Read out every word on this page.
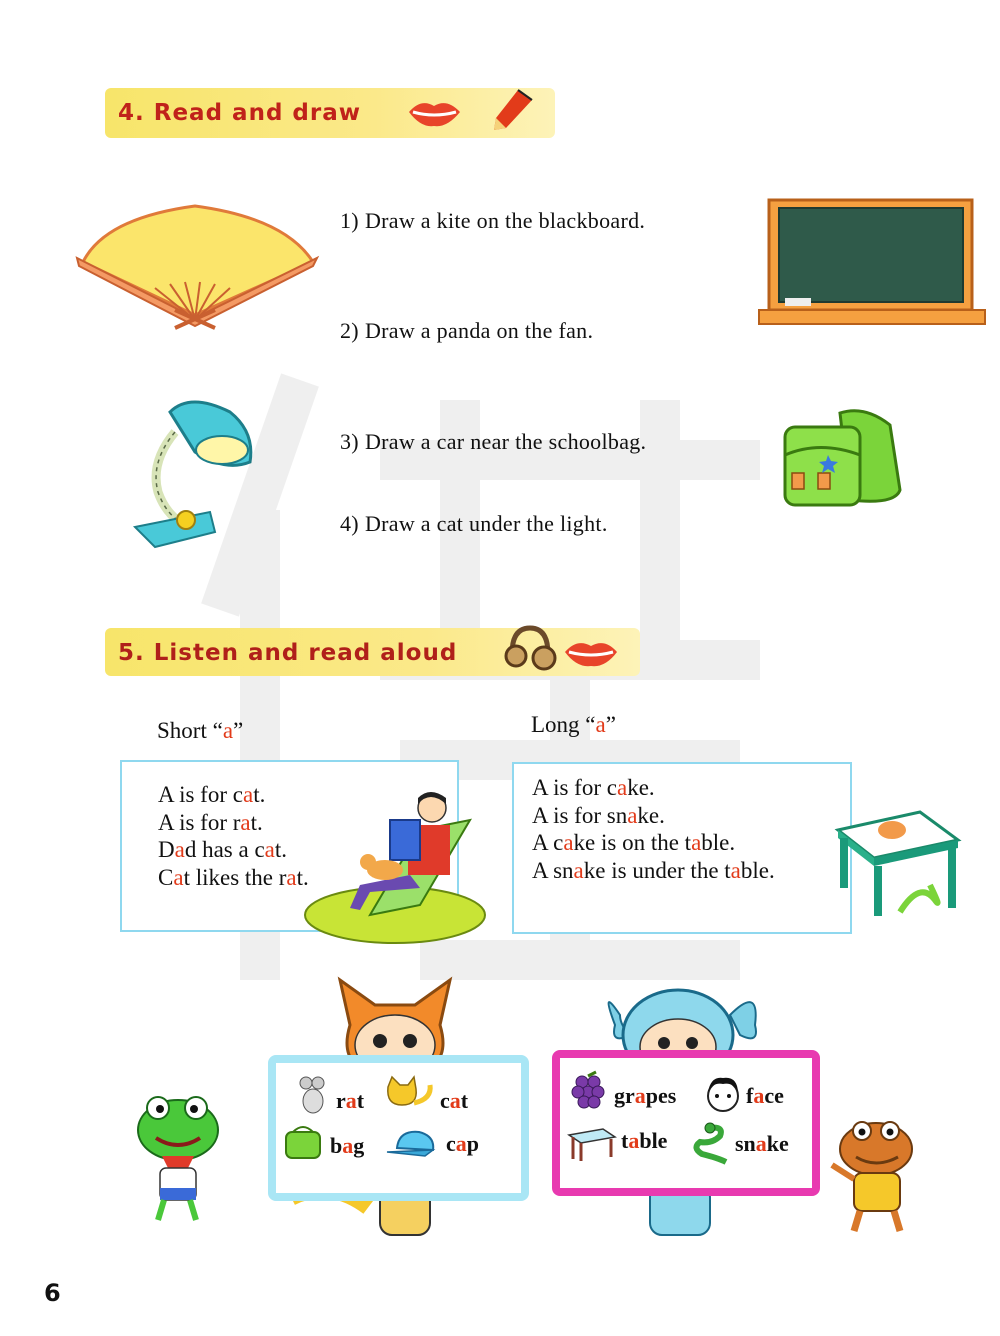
4. Read and draw
1) Draw a kite on the blackboard.
2) Draw a panda on the fan.
3) Draw a car near the schoolbag.
4) Draw a cat under the light.
5. Listen and read aloud
Short “a”	Long “a”
A is for cat.
A is for rat.
Dad has a cat.
Cat likes the rat.
A is for cake.
A is for snake.
A cake is on the table.
A snake is under the table.
rat	cat
bag	cap
grapes	face
table	snake
6
